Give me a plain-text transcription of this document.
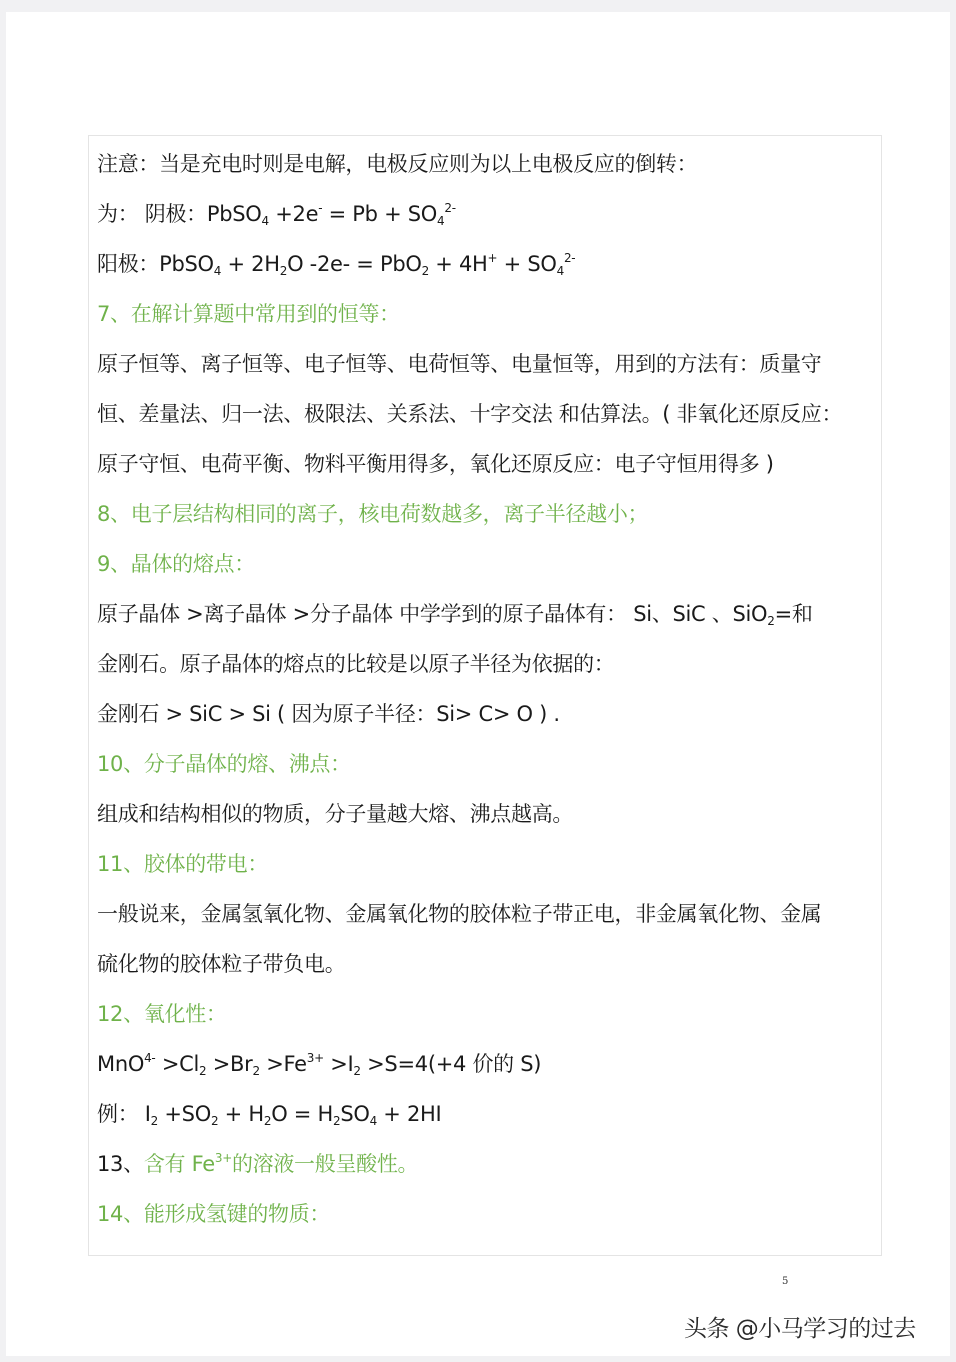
注意：当是充电时则是电解，电极反应则为以上电极反应的倒转：
为： 阴极：PbSO$_4$ $+2e^- = Pb + SO_4^{2-}$
阳极：PbSO$_4$ + $2H_2O$ $-2e- = PbO_2 + 4H^+ + SO_4^{2-}$
7、在解计算题中常用到的恒等：
原子恒等、离子恒等、电子恒等、电荷恒等、电量恒等，用到的方法有：质量守
恒、差量法、归一法、极限法、关系法、十字交法 和估算法。( 非氧化还原反应：
原子守恒、电荷平衡、物料平衡用得多，氧化还原反应：电子守恒用得多 )
8、电子层结构相同的离子，核电荷数越多，离子半径越小；
9、晶体的熔点：
原子晶体 >离子晶体 >分子晶体 中学学到的原子晶体有： Si、SiC 、SiO$_2$=和
金刚石。原子晶体的熔点的比较是以原子半径为依据的：
金刚石 > SiC > Si ( 因为原子半径：Si> C> O ) .
10、分子晶体的熔、沸点：
组成和结构相似的物质，分子量越大熔、沸点越高。
11、胶体的带电：
一般说来，金属氢氧化物、金属氧化物的胶体粒子带正电，非金属氧化物、金属
硫化物的胶体粒子带负电。
12、氧化性：
$MnO^{4-} >Cl_2 >Br_2 >Fe^{3+} >I_2 >S=4(+4$ 价的 S)
例： $I_2 +SO_2 + H_2O = H_2SO_4 + 2HI$
13、含有 $Fe^{3+}$的溶液一般呈酸性。
14、能形成氢键的物质：
5
头条 @小马学习的过去
